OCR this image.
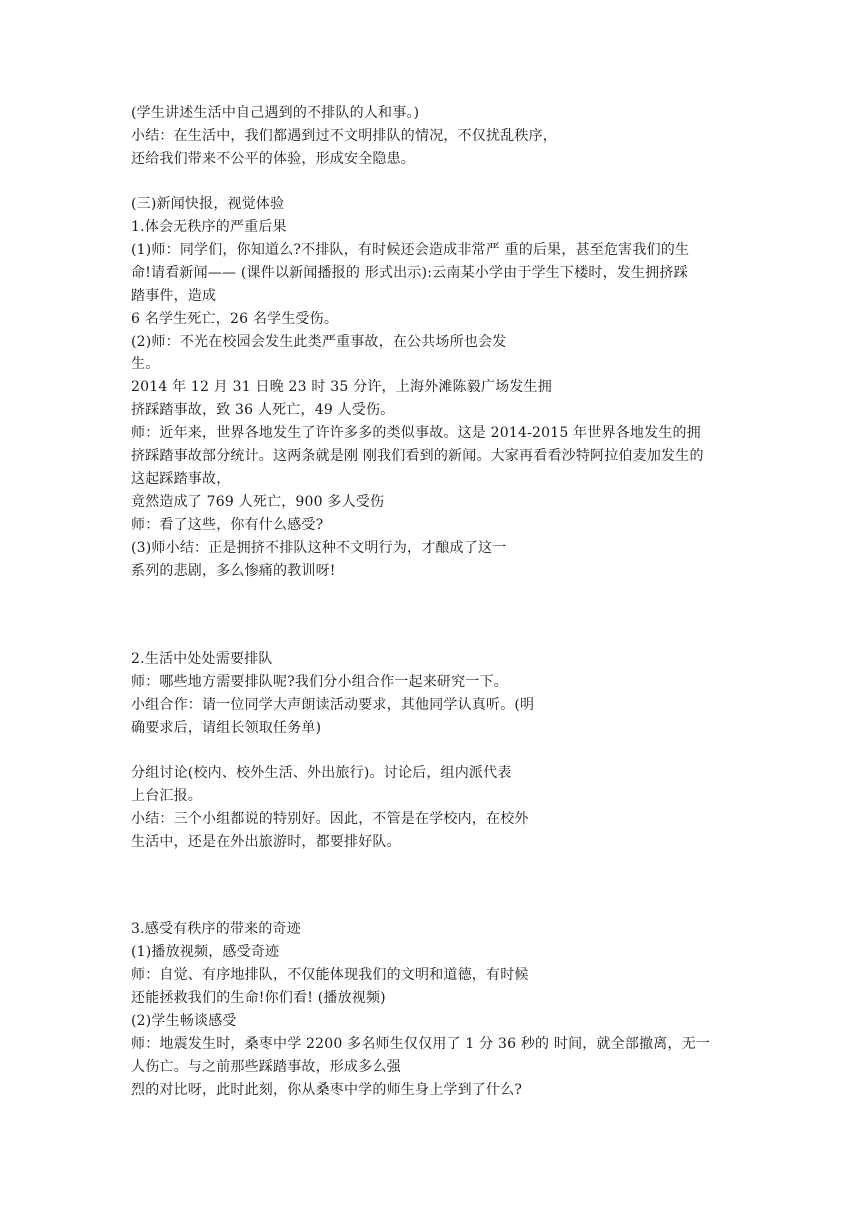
(学生讲述生活中自己遇到的不排队的人和事。)

小结：在生活中，我们都遇到过不文明排队的情况，不仅扰乱秩序，

还给我们带来不公平的体验，形成安全隐患。

(三)新闻快报，视觉体验

1.体会无秩序的严重后果

(1)师：同学们，你知道么?不排队，有时候还会造成非常严 重的后果，甚至危害我们的生

命!请看新闻—— (课件以新闻播报的 形式出示):云南某小学由于学生下楼时，发生拥挤踩

踏事件，造成

6 名学生死亡，26 名学生受伤。

(2)师：不光在校园会发生此类严重事故，在公共场所也会发

生。

2014 年 12 月 31 日晚 23 时 35 分许，上海外滩陈毅广场发生拥

挤踩踏事故，致 36 人死亡，49 人受伤。

师：近年来，世界各地发生了许许多多的类似事故。这是 2014-2015 年世界各地发生的拥

挤踩踏事故部分统计。这两条就是刚 刚我们看到的新闻。大家再看看沙特阿拉伯麦加发生的

这起踩踏事故，

竟然造成了 769 人死亡，900 多人受伤

师：看了这些，你有什么感受?

(3)师小结：正是拥挤不排队这种不文明行为，才酿成了这一

系列的悲剧，多么惨痛的教训呀!

2.生活中处处需要排队

师：哪些地方需要排队呢?我们分小组合作一起来研究一下。

小组合作：请一位同学大声朗读活动要求，其他同学认真听。(明

确要求后，请组长领取任务单)

分组讨论(校内、校外生活、外出旅行)。讨论后，组内派代表

上台汇报。

小结：三个小组都说的特别好。因此，不管是在学校内，在校外

生活中，还是在外出旅游时，都要排好队。

3.感受有秩序的带来的奇迹

(1)播放视频，感受奇迹

师：自觉、有序地排队，不仅能体现我们的文明和道德，有时候

还能拯救我们的生命!你们看! (播放视频)

(2)学生畅谈感受

师：地震发生时，桑枣中学 2200 多名师生仅仅用了 1 分 36 秒的 时间，就全部撤离，无一

人伤亡。与之前那些踩踏事故，形成多么强

烈的对比呀，此时此刻，你从桑枣中学的师生身上学到了什么?
